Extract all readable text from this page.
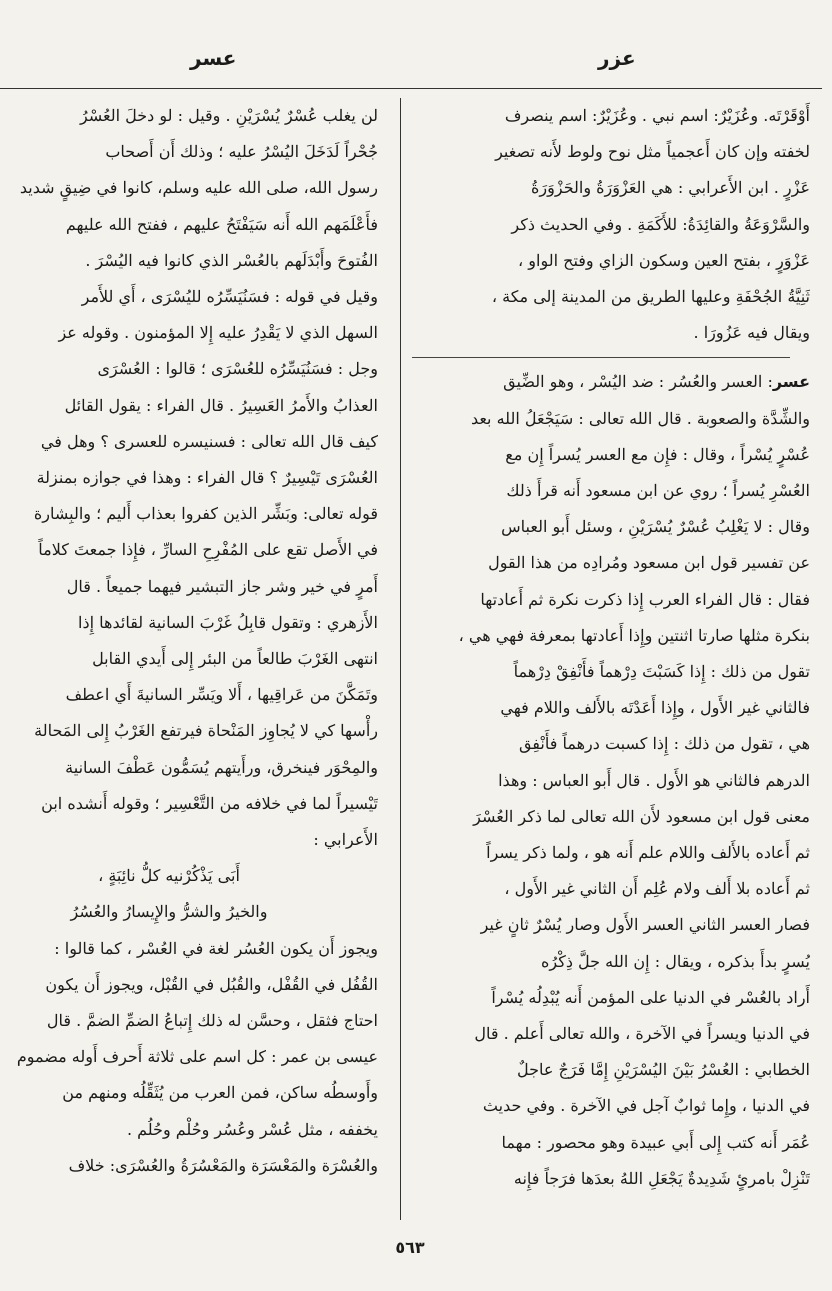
عزر
عسر
أَوْقَرْتَه. وعُزَيْرٌ: اسم نبي . وعُزَيْرٌ: اسم ينصرف
لخفته وإن كان أَعجمياً مثل نوح ولوط لأَنه تصغير
عَزْرٍ . ابن الأَعرابي : هي العَزْوَرَةُ والحَزْوَرَةُ
والسَّرْوَعَةُ والقائِدَةُ: للأَكَمَةِ . وفي الحديث ذكر
عَزْوَرٍ ، بفتح العين وسكون الزاي وفتح الواو ،
ثَنِيَّةُ الجُحْفَةِ وعليها الطريق من المدينة إلى مكة ،
ويقال فيه عَزُورَا .
عسر: العسر والعُسُر : ضد اليُسْر ، وهو الضِّيق
والشِّدَّة والصعوبة . قال الله تعالى : سَيَجْعَلُ الله بعد
عُسْرٍ يُسْراً ، وقال : فإِن مع العسر يُسراً إِن مع
العُسْرِ يُسراً ؛ روي عن ابن مسعود أَنه قرأَ ذلك
وقال : لا يَغْلِبُ عُسْرٌ يُسْرَيْنِ ، وسئل أَبو العباس
عن تفسير قول ابن مسعود ومُرادِه من هذا القول
فقال : قال الفراء العرب إِذا ذكرت نكرة ثم أَعادتها
بنكرة مثلها صارتا اثنتين وإِذا أَعادتها بمعرفة فهي هي ،
تقول من ذلك : إِذا كَسَبْتَ دِرْهماً فأَنْفِقْ دِرْهماً
فالثاني غير الأَول ، وإِذا أَعَدْتَه بالأَلف واللام فهي
هي ، تقول من ذلك : إِذا كسبت درهماً فأَنْفِق
الدرهم فالثاني هو الأَول . قال أَبو العباس : وهذا
معنى قول ابن مسعود لأَن الله تعالى لما ذكر العُسْرَ
ثم أَعاده بالأَلف واللام علم أَنه هو ، ولما ذكر يسراً
ثم أَعاده بلا أَلف ولام عُلِم أَن الثاني غير الأَول ،
فصار العسر الثاني العسر الأَول وصار يُسْرٌ ثانٍ غير
يُسرٍ بدأَ بذكره ، ويقال : إِن الله جلَّ ذِكْرُه
أَراد بالعُسْر في الدنيا على المؤمن أَنه يُبْدِلُه يُسْراً
في الدنيا ويسراً في الآخرة ، والله تعالى أَعلم . قال
الخطابي : العُسْرُ بَيْنَ اليُسْرَيْنِ إِمَّا فَرَجٌ عاجلٌ
في الدنيا ، وإِما ثوابٌ آجل في الآخرة . وفي حديث
عُمَر أَنه كتب إِلى أَبي عبيدة وهو محصور : مهما
تَنْزِلْ بامرئٍ شَدِيدةٌ يَجْعَلِ اللهُ بعدَها فرَجاً فإِنه
لن يغلب عُسْرٌ يُسْرَيْنِ . وقيل : لو دخلَ العُسْرُ
جُحْراً لَدَخَلَ اليُسْرُ عليه ؛ وذلك أَن أَصحاب
رسول الله، صلى الله عليه وسلم، كانوا في ضِيقٍ شديد
فأَعْلَمَهم الله أَنه سَيَفْتَحُ عليهم ، ففتح الله عليهم
الفُتوحَ وأَبْدَلَهم بالعُسْر الذي كانوا فيه اليُسْرَ .
وقيل في قوله : فسَنُيَسِّرُه لليُسْرَى ، أَي للأَمر
السهل الذي لا يَقْدِرُ عليه إِلا المؤمنون . وقوله عز
وجل : فسَنُيَسِّرُه للعُسْرَى ؛ قالوا : العُسْرَى
العذابُ والأَمرُ العَسِيرُ . قال الفراء : يقول القائل
كيف قال الله تعالى : فسنيسره للعسرى ؟ وهل في
العُسْرَى تَيْسِيرٌ ؟ قال الفراء : وهذا في جوازه بمنزلة
قوله تعالى: وبَشِّر الذين كفروا بعذاب أَليم ؛ والبِشارة
في الأَصل تقع على المُفْرِحِ السارِّ ، فإِذا جمعتَ كلاماً
أَمرٍ في خير وشر جاز التبشير فيهما جميعاً . قال
الأَزهري : وتقول قابِلُ غَرْبَ السانية لقائدها إِذا
انتهى الغَرْبَ طالعاً من البئر إِلى أَيدي القابل
وتَمَكَّنَ من عَراقِيها ، أَلا ويَسِّر السانيةَ أَي اعطف
رأْسها كي لا يُجاوِز المَنْحاة فيرتفع الغَرْبُ إِلى المَحالة
والمِحْوَر فينخرق، ورأَيتهم يُسَمُّون عَطْفَ السانية
تَيْسيراً لما في خلافه من التَّعْسِير ؛ وقوله أَنشده ابن
الأَعرابي :
أَبَى يَذْكُرْنيه كلُّ نائِبَةٍ ،
والخيرُ والشرُّ والإِيسارُ والعُسُرُ
ويجوز أَن يكون العُسُر لغة في العُسْر ، كما قالوا :
القُفُل في القُفْل، والقُبُل في القُبْل، ويجوز أَن يكون
احتاج فثقل ، وحسَّن له ذلك إِتباعُ الضمِّ الضمَّ . قال
عيسى بن عمر : كل اسم على ثلاثة أَحرف أَوله مضموم
وأَوسطُه ساكن، فمن العرب من يُثَقِّلُه ومنهم من
يخففه ، مثل عُسْر وعُسُر وحُلْم وحُلُم .
والعُسْرَة والمَعْسَرَة والمَعْسُرَةُ والعُسْرَى: خلاف
٥٦٣
